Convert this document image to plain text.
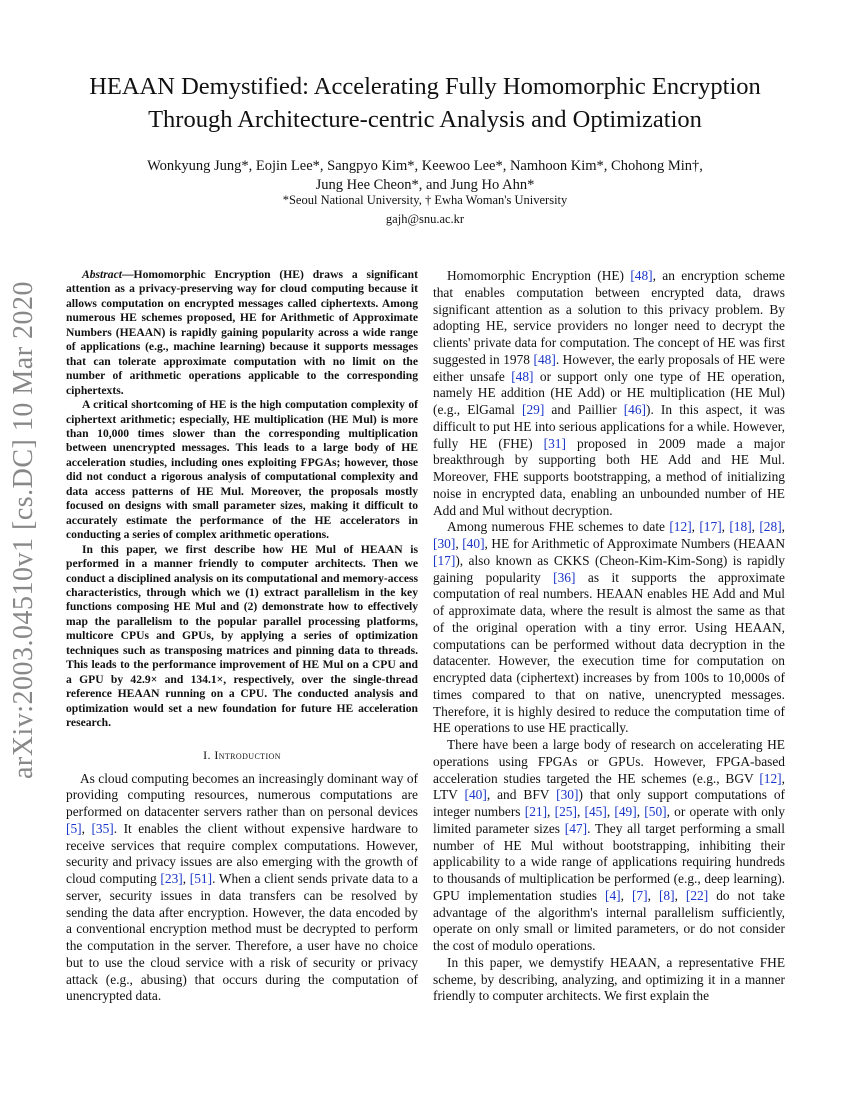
arXiv:2003.04510v1 [cs.DC] 10 Mar 2020
HEAAN Demystified: Accelerating Fully Homomorphic Encryption
Through Architecture-centric Analysis and Optimization
Wonkyung Jung*, Eojin Lee*, Sangpyo Kim*, Keewoo Lee*, Namhoon Kim*, Chohong Min†,
Jung Hee Cheon*, and Jung Ho Ahn*
*Seoul National University, † Ewha Woman's University
gajh@snu.ac.kr

Abstract—Homomorphic Encryption (HE) draws a significant attention as a privacy-preserving way for cloud computing because it allows computation on encrypted messages called ciphertexts. Among numerous HE schemes proposed, HE for Arithmetic of Approximate Numbers (HEAAN) is rapidly gaining popularity across a wide range of applications (e.g., machine learning) because it supports messages that can tolerate approximate computation with no limit on the number of arithmetic operations applicable to the corresponding ciphertexts.

A critical shortcoming of HE is the high computation complexity of ciphertext arithmetic; especially, HE multiplication (HE Mul) is more than 10,000 times slower than the corresponding multiplication between unencrypted messages. This leads to a large body of HE acceleration studies, including ones exploiting FPGAs; however, those did not conduct a rigorous analysis of computational complexity and data access patterns of HE Mul. Moreover, the proposals mostly focused on designs with small parameter sizes, making it difficult to accurately estimate the performance of the HE accelerators in conducting a series of complex arithmetic operations.

In this paper, we first describe how HE Mul of HEAAN is performed in a manner friendly to computer architects. Then we conduct a disciplined analysis on its computational and memory-access characteristics, through which we (1) extract parallelism in the key functions composing HE Mul and (2) demonstrate how to effectively map the parallelism to the popular parallel processing platforms, multicore CPUs and GPUs, by applying a series of optimization techniques such as transposing matrices and pinning data to threads. This leads to the performance improvement of HE Mul on a CPU and a GPU by 42.9× and 134.1×, respectively, over the single-thread reference HEAAN running on a CPU. The conducted analysis and optimization would set a new foundation for future HE acceleration research.

I. Introduction

As cloud computing becomes an increasingly dominant way of providing computing resources, numerous computations are performed on datacenter servers rather than on personal devices [5], [35]. It enables the client without expensive hardware to receive services that require complex computations. However, security and privacy issues are also emerging with the growth of cloud computing [23], [51]. When a client sends private data to a server, security issues in data transfers can be resolved by sending the data after encryption. However, the data encoded by a conventional encryption method must be decrypted to perform the computation in the server. Therefore, a user have no choice but to use the cloud service with a risk of security or privacy attack (e.g., abusing) that occurs during the computation of unencrypted data.

Homomorphic Encryption (HE) [48], an encryption scheme that enables computation between encrypted data, draws significant attention as a solution to this privacy problem. By adopting HE, service providers no longer need to decrypt the clients' private data for computation. The concept of HE was first suggested in 1978 [48]. However, the early proposals of HE were either unsafe [48] or support only one type of HE operation, namely HE addition (HE Add) or HE multiplication (HE Mul) (e.g., ElGamal [29] and Paillier [46]). In this aspect, it was difficult to put HE into serious applications for a while. However, fully HE (FHE) [31] proposed in 2009 made a major breakthrough by supporting both HE Add and HE Mul. Moreover, FHE supports bootstrapping, a method of initializing noise in encrypted data, enabling an unbounded number of HE Add and Mul without decryption.

Among numerous FHE schemes to date [12], [17], [18], [28], [30], [40], HE for Arithmetic of Approximate Numbers (HEAAN [17]), also known as CKKS (Cheon-Kim-Kim-Song) is rapidly gaining popularity [36] as it supports the approximate computation of real numbers. HEAAN enables HE Add and Mul of approximate data, where the result is almost the same as that of the original operation with a tiny error. Using HEAAN, computations can be performed without data decryption in the datacenter. However, the execution time for computation on encrypted data (ciphertext) increases by from 100s to 10,000s of times compared to that on native, unencrypted messages. Therefore, it is highly desired to reduce the computation time of HE operations to use HE practically.

There have been a large body of research on accelerating HE operations using FPGAs or GPUs. However, FPGA-based acceleration studies targeted the HE schemes (e.g., BGV [12], LTV [40], and BFV [30]) that only support computations of integer numbers [21], [25], [45], [49], [50], or operate with only limited parameter sizes [47]. They all target performing a small number of HE Mul without bootstrapping, inhibiting their applicability to a wide range of applications requiring hundreds to thousands of multiplication be performed (e.g., deep learning). GPU implementation studies [4], [7], [8], [22] do not take advantage of the algorithm's internal parallelism sufficiently, operate on only small or limited parameters, or do not consider the cost of modulo operations.

In this paper, we demystify HEAAN, a representative FHE scheme, by describing, analyzing, and optimizing it in a manner friendly to computer architects. We first explain the
